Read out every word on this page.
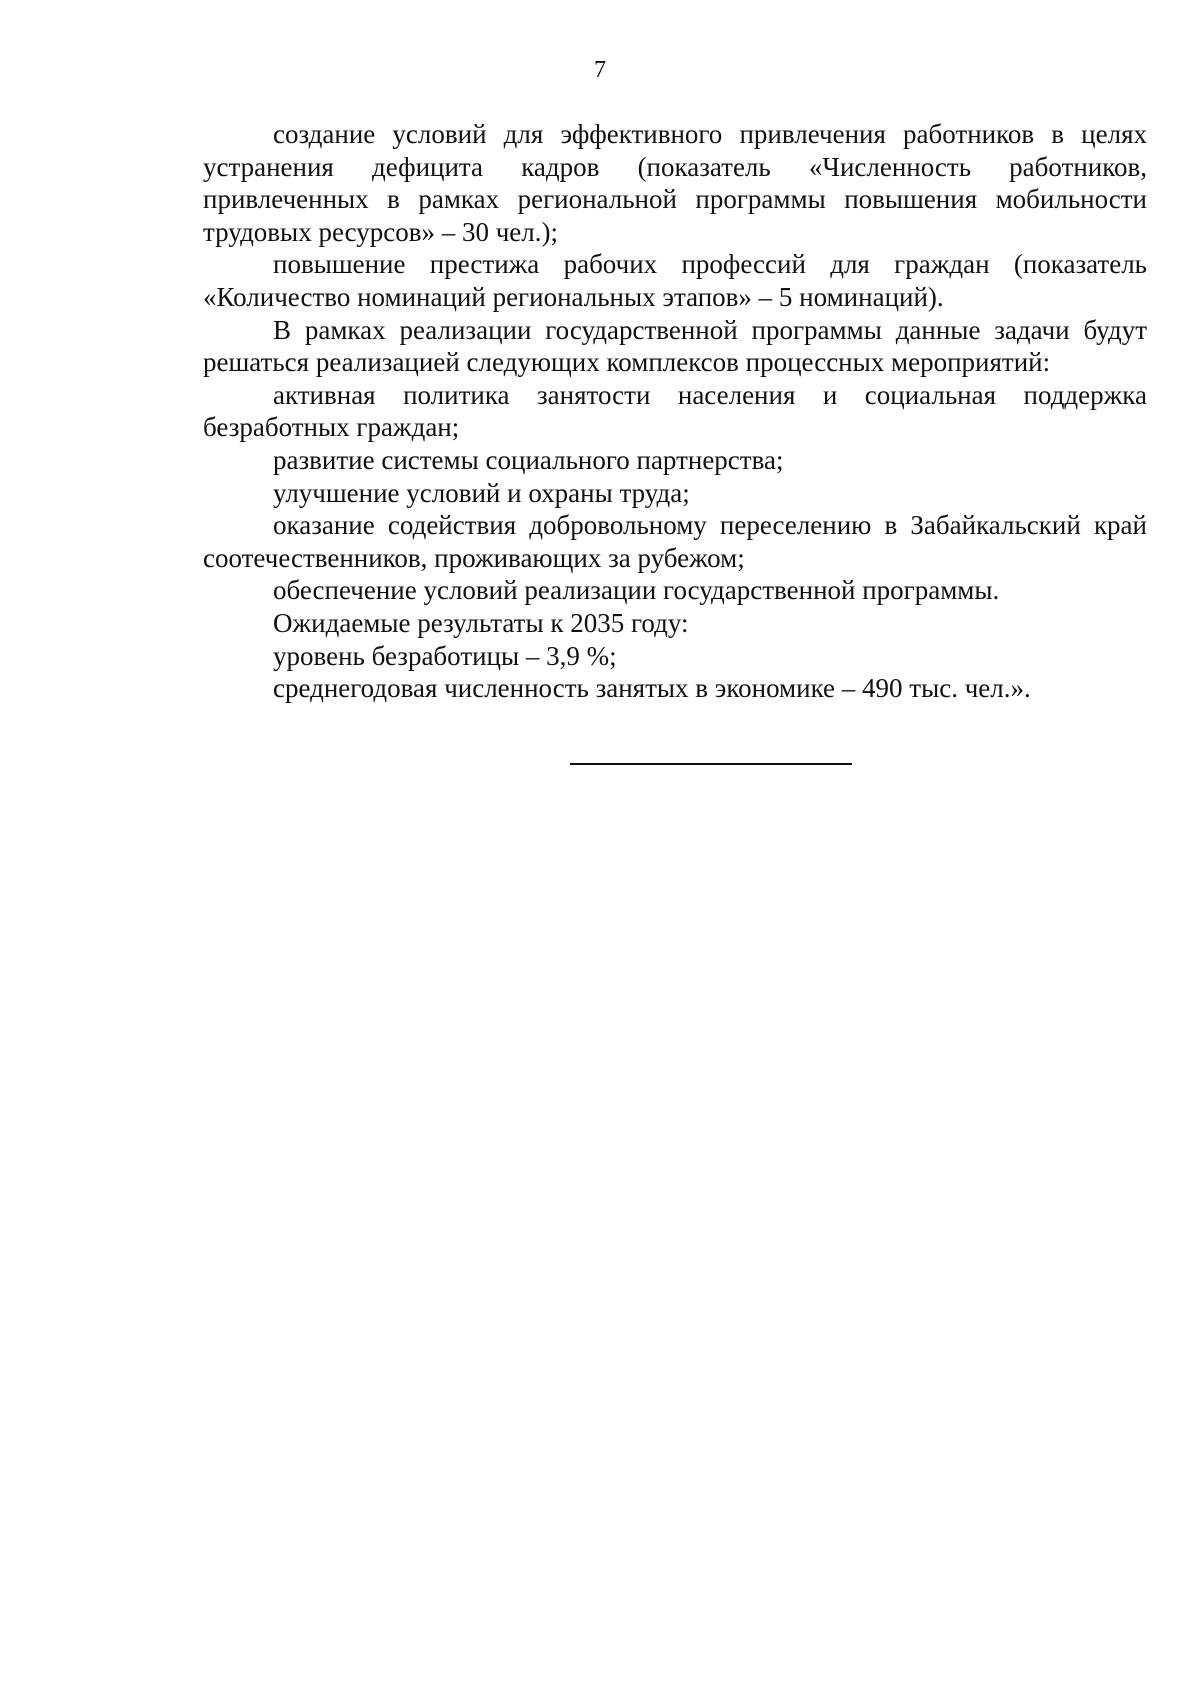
7

создание условий для эффективного привлечения работников в целях устранения дефицита кадров (показатель «Численность работников, привлеченных в рамках региональной программы повышения мобильности трудовых ресурсов» – 30 чел.);

повышение престижа рабочих профессий для граждан (показатель «Количество номинаций региональных этапов» – 5 номинаций).

В рамках реализации государственной программы данные задачи будут решаться реализацией следующих комплексов процессных мероприятий:

активная политика занятости населения и социальная поддержка безработных граждан;

развитие системы социального партнерства;

улучшение условий и охраны труда;

оказание содействия добровольному переселению в Забайкальский край соотечественников, проживающих за рубежом;

обеспечение условий реализации государственной программы.

Ожидаемые результаты к 2035 году:

уровень безработицы – 3,9 %;

среднегодовая численность занятых в экономике – 490 тыс. чел.».
